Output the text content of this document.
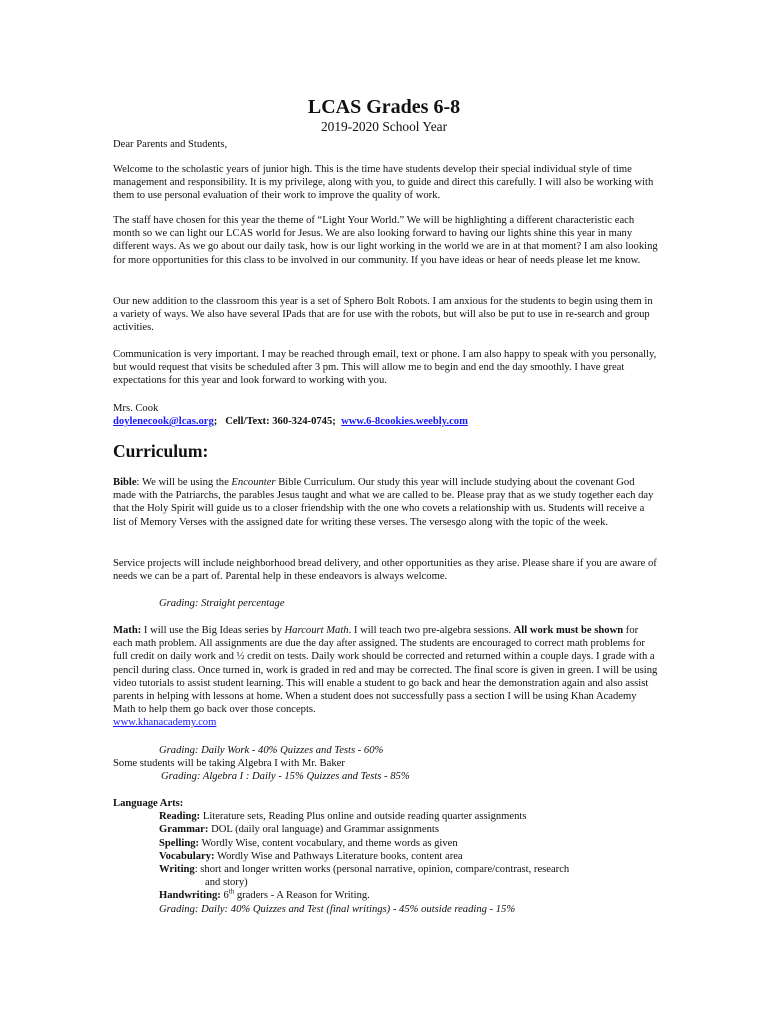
LCAS Grades 6-8
2019-2020 School Year

Dear Parents and Students,

Welcome to the scholastic years of junior high. This is the time have students develop their special individual style of time management and responsibility. It is my privilege, along with you, to guide and direct this carefully. I will also be working with them to use personal evaluation of their work to improve the quality of work.

The staff have chosen for this year the theme of “Light Your World.” We will be highlighting a different characteristic each month so we can light our LCAS world for Jesus. We are also looking forward to having our lights shine this year in many different ways. As we go about our daily task, how is our light working in the world we are in at that moment? I am also looking for more opportunities for this class to be involved in our community. If you have ideas or hear of needs please let me know.

Our new addition to the classroom this year is a set of Sphero Bolt Robots. I am anxious for the students to begin using them in a variety of ways. We also have several IPads that are for use with the robots, but will also be put to use in re-search and group activities.

Communication is very important. I may be reached through email, text or phone. I am also happy to speak with you personally, but would request that visits be scheduled after 3 pm. This will allow me to begin and end the day smoothly. I have great expectations for this year and look forward to working with you.

Mrs. Cook

doylenecook@lcas.org; Cell/Text: 360-324-0745; www.6-8cookies.weebly.com

Curriculum:

Bible: We will be using the Encounter Bible Curriculum. Our study this year will include studying about the covenant God made with the Patriarchs, the parables Jesus taught and what we are called to be. Please pray that as we study together each day that the Holy Spirit will guide us to a closer friendship with the one who covets a relationship with us. Students will receive a list of Memory Verses with the assigned date for writing these verses. The versesgo along with the topic of the week.

Service projects will include neighborhood bread delivery, and other opportunities as they arise. Please share if you are aware of needs we can be a part of. Parental help in these endeavors is always welcome.

Grading: Straight percentage

Math: I will use the Big Ideas series by Harcourt Math. I will teach two pre-algebra sessions. All work must be shown for each math problem. All assignments are due the day after assigned. The students are encouraged to correct math problems for full credit on daily work and ½ credit on tests. Daily work should be corrected and returned within a couple days. I grade with a pencil during class. Once turned in, work is graded in red and may be corrected. The final score is given in green. I will be using video tutorials to assist student learning. This will enable a student to go back and hear the demonstration again and also assist parents in helping with lessons at home. When a student does not successfully pass a section I will be using Khan Academy Math to help them go back over those concepts.

www.khanacademy.com

Grading: Daily Work - 40% Quizzes and Tests - 60%

Some students will be taking Algebra I with Mr. Baker

Grading: Algebra I : Daily - 15% Quizzes and Tests - 85%

Language Arts:

Reading: Literature sets, Reading Plus online and outside reading quarter assignments

Grammar: DOL (daily oral language) and Grammar assignments

Spelling: Wordly Wise, content vocabulary, and theme words as given

Vocabulary: Wordly Wise and Pathways Literature books, content area

Writing: short and longer written works (personal narrative, opinion, compare/contrast, research

and story)

Handwriting: 6th graders - A Reason for Writing.

Grading: Daily: 40% Quizzes and Test (final writings) - 45% outside reading - 15%
